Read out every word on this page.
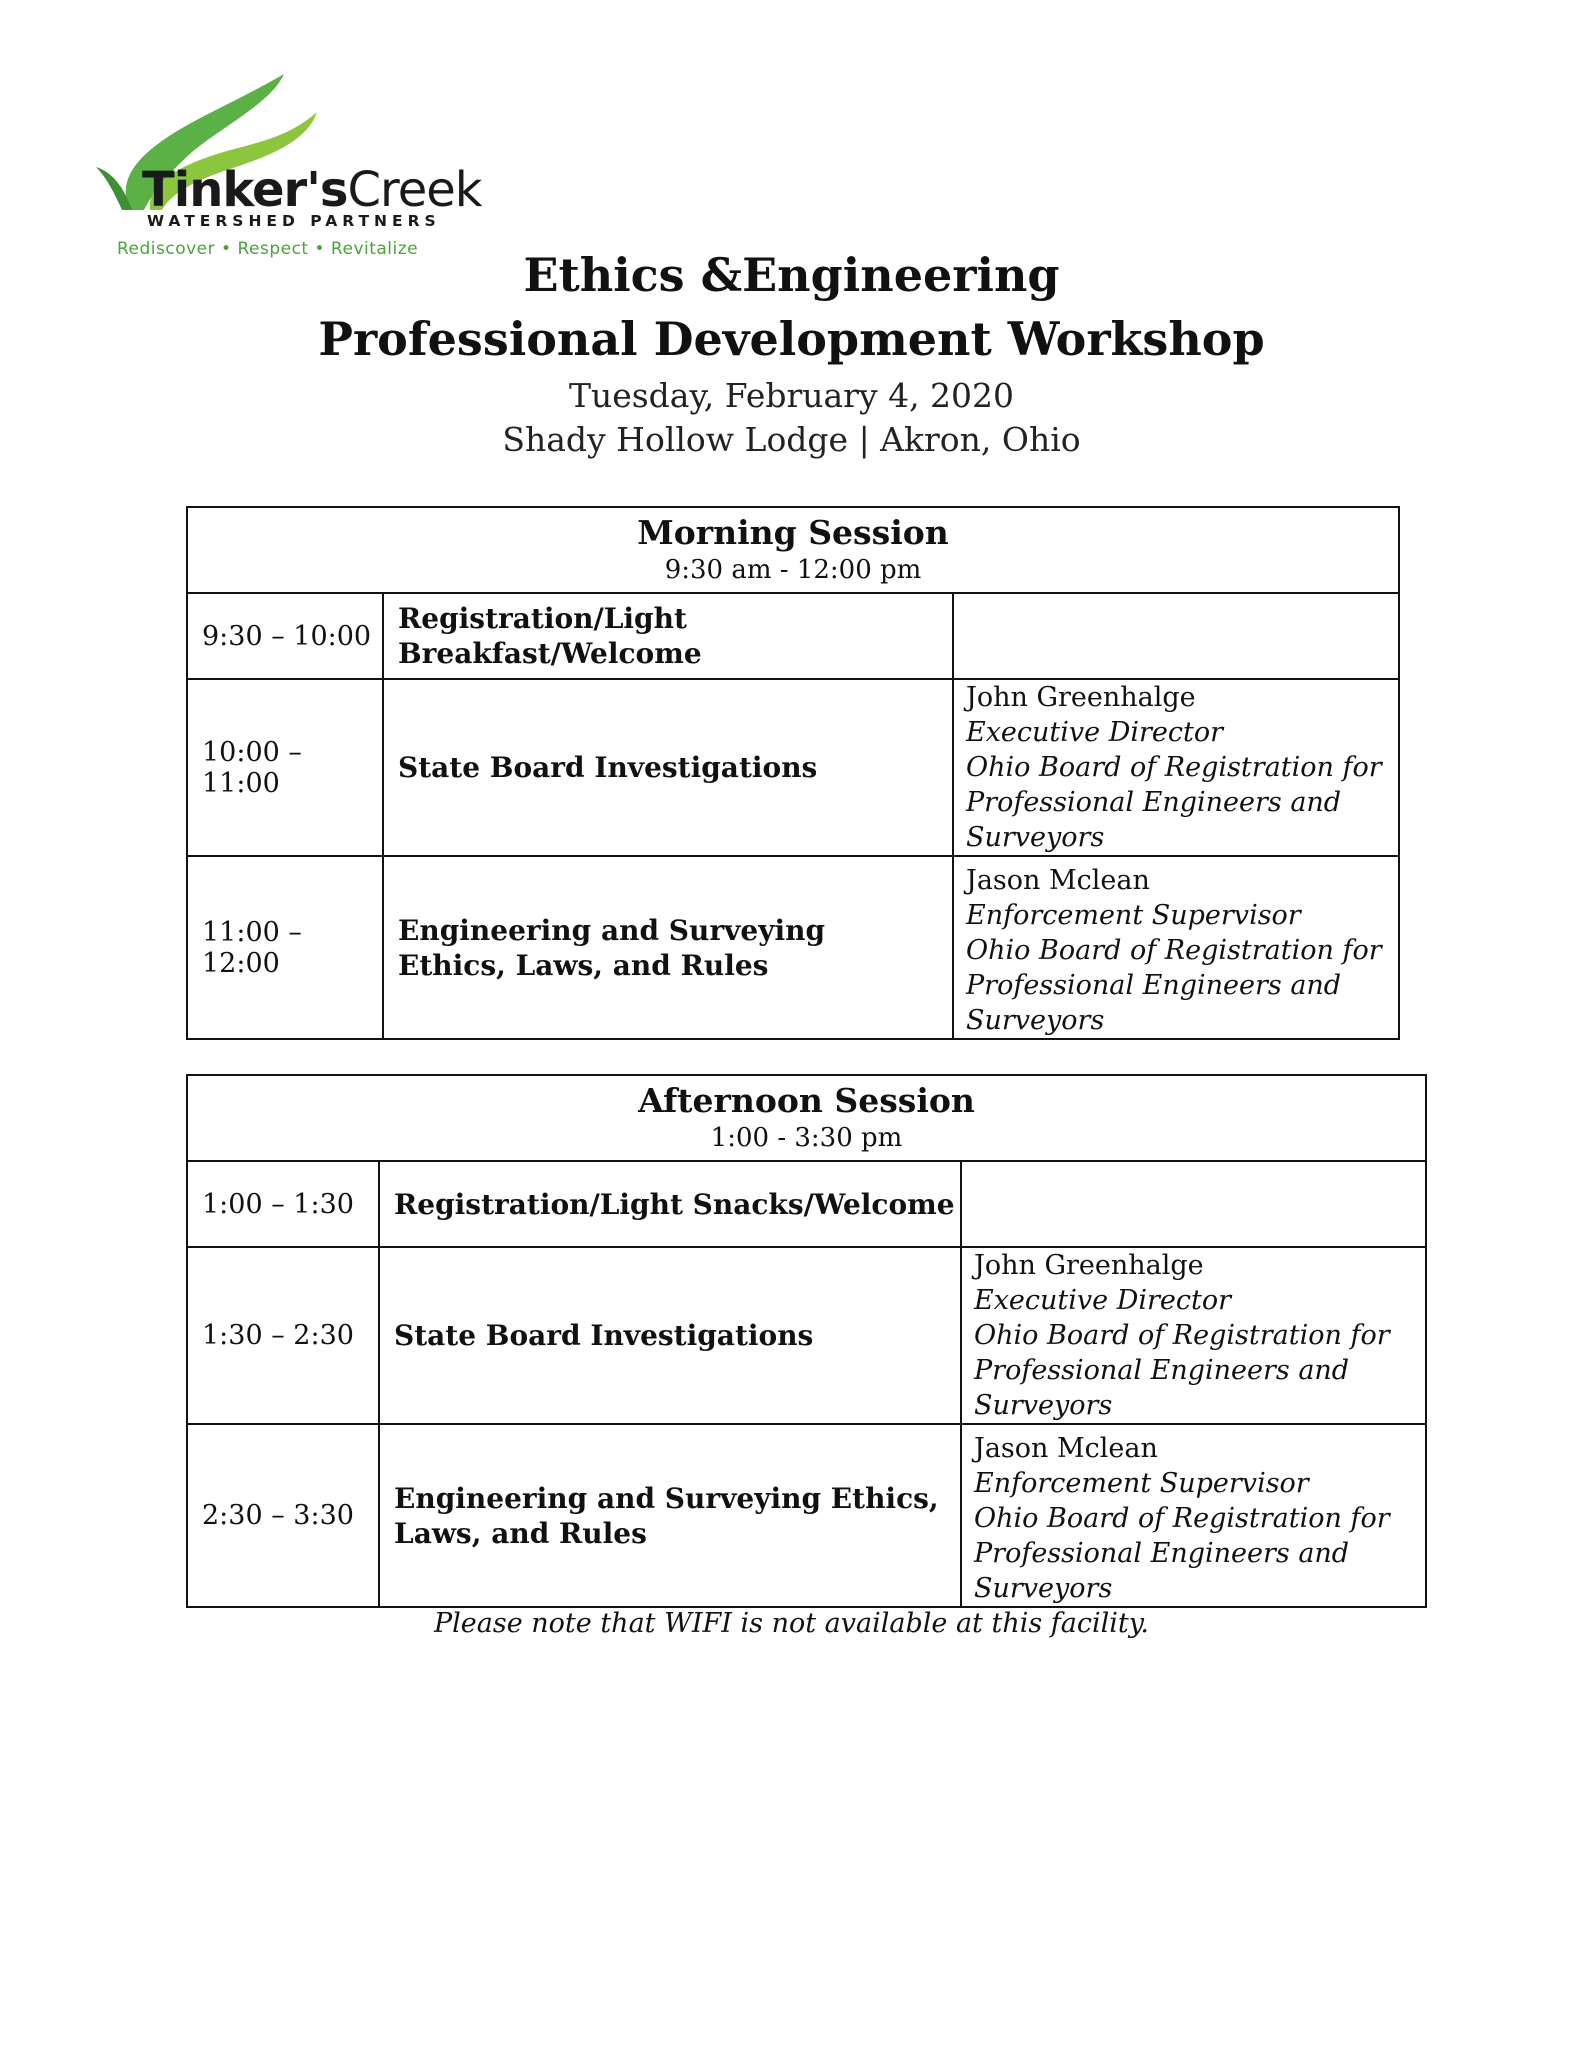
Tinker'sCreek
WATERSHED PARTNERS
Rediscover • Respect • Revitalize	Ethics &Engineering
Professional Development Workshop
Tuesday, February 4, 2020
Shady Hollow Lodge | Akron, Ohio
Morning Session
9:30 am - 12:00 pm		

9:30 – 10:00	Registration/Light Breakfast/Welcome	
10:00 – 11:00	State Board Investigations	John Greenhalge
Executive Director
Ohio Board of Registration for
Professional Engineers and Surveyors

11:00 – 12:00	Engineering and Surveying Ethics, Laws, and Rules	Jason Mclean
Enforcement Supervisor
Ohio Board of Registration for
Professional Engineers and Surveyors
Afternoon Session
1:00 - 3:30 pm		

1:00 – 1:30	Registration/Light Snacks/Welcome	
1:30 – 2:30	State Board Investigations	John Greenhalge
Executive Director
Ohio Board of Registration for
Professional Engineers and Surveyors

2:30 – 3:30	Engineering and Surveying Ethics, Laws, and Rules	Jason Mclean
Enforcement Supervisor
Ohio Board of Registration for
Professional Engineers and Surveyors
Please note that WIFI is not available at this facility.
